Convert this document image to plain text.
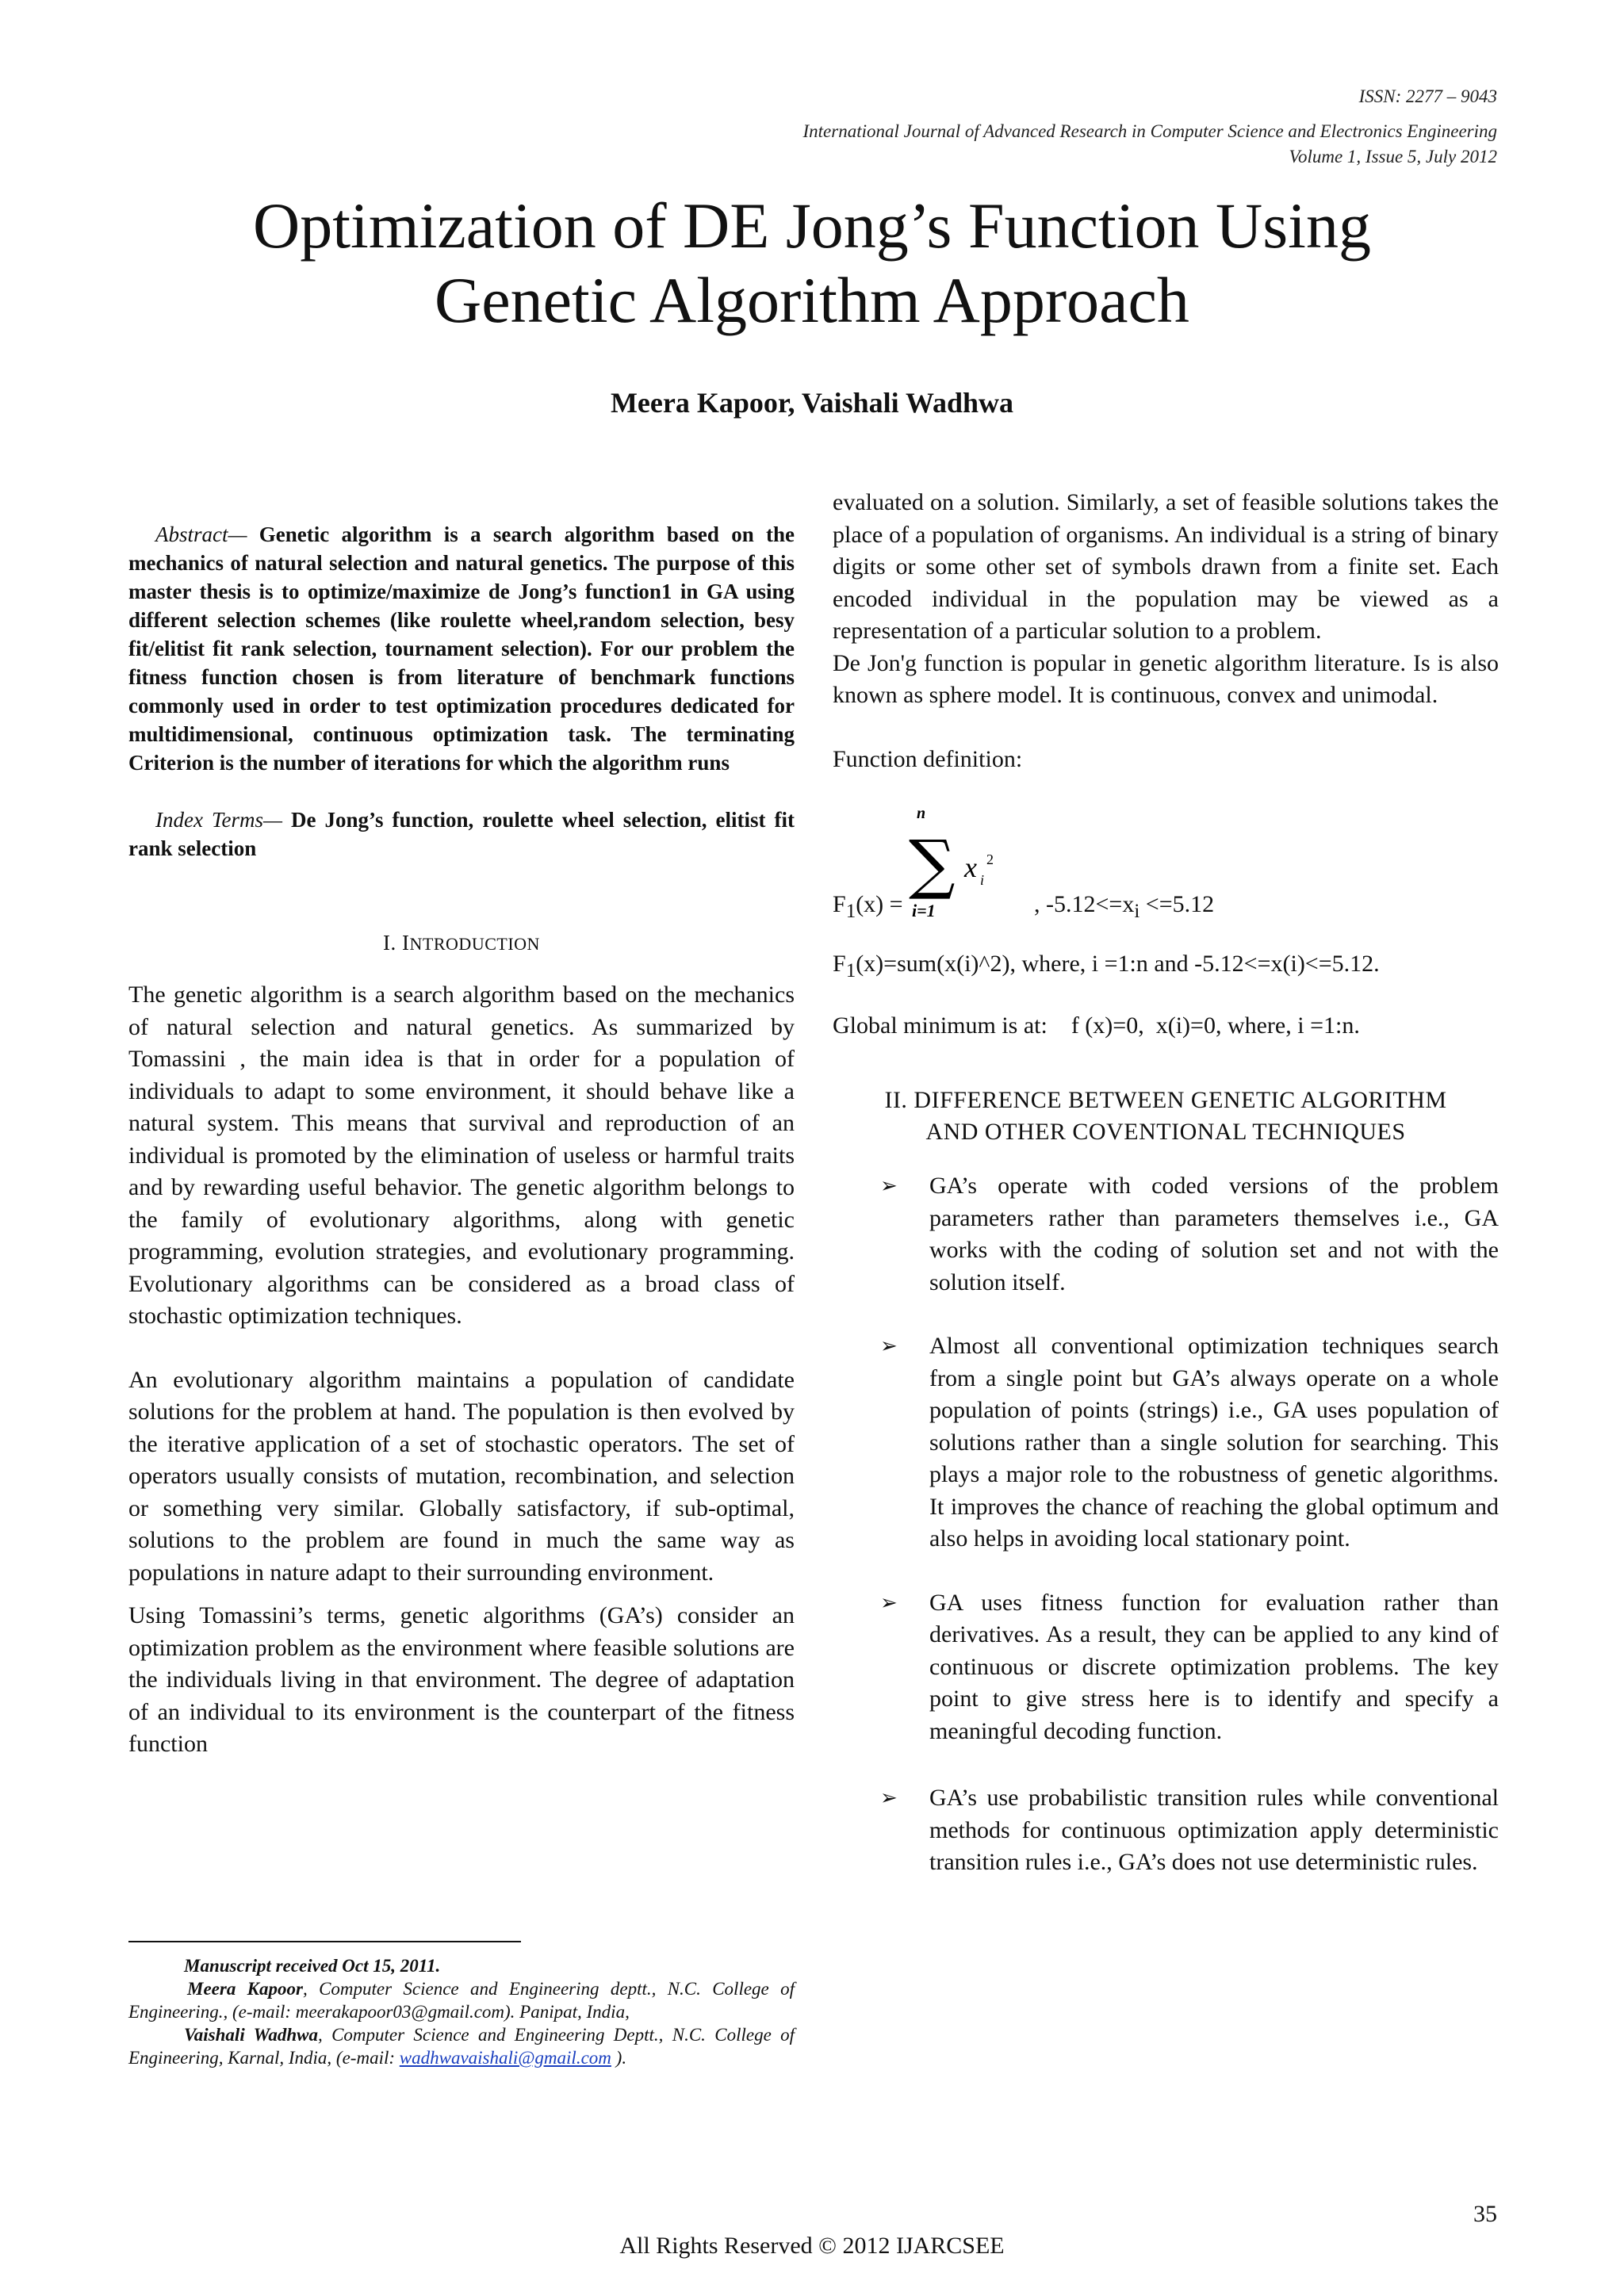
ISSN: 2277 – 9043
International Journal of Advanced Research in Computer Science and Electronics Engineering
Volume 1, Issue 5, July 2012
Optimization of DE Jong’s Function Using
Genetic Algorithm Approach
Meera Kapoor, Vaishali Wadhwa

Abstract— Genetic algorithm is a search algorithm based on the mechanics of natural selection and natural genetics. The purpose of this master thesis is to optimize/maximize de Jong’s function1 in GA using different selection schemes (like roulette wheel,random selection, besy fit/elitist fit rank selection, tournament selection). For our problem the fitness function chosen is from literature of benchmark functions commonly used in order to test optimization procedures dedicated for multidimensional, continuous optimization task. The terminating Criterion is the number of iterations for which the algorithm runs

Index Terms— De Jong’s function, roulette wheel selection, elitist fit rank selection

I. INTRODUCTION

The genetic algorithm is a search algorithm based on the mechanics of natural selection and natural genetics. As summarized by Tomassini , the main idea is that in order for a population of individuals to adapt to some environment, it should behave like a natural system. This means that survival and reproduction of an individual is promoted by the elimination of useless or harmful traits and by rewarding useful behavior. The genetic algorithm belongs to the family of evolutionary algorithms, along with genetic programming, evolution strategies, and evolutionary programming. Evolutionary algorithms can be considered as a broad class of stochastic optimization techniques.

An evolutionary algorithm maintains a population of candidate solutions for the problem at hand. The population is then evolved by the iterative application of a set of stochastic operators. The set of operators usually consists of mutation, recombination, and selection or something very similar. Globally satisfactory, if sub-optimal, solutions to the problem are found in much the same way as populations in nature adapt to their surrounding environment.

Using Tomassini’s terms, genetic algorithms (GA’s) consider an optimization problem as the environment where feasible solutions are the individuals living in that environment. The degree of adaptation of an individual to its environment is the counterpart of the fitness function

evaluated on a solution. Similarly, a set of feasible solutions takes the place of a population of organisms. An individual is a string of binary digits or some other set of symbols drawn from a finite set. Each encoded individual in the population may be viewed as a representation of a particular solution to a problem.

De Jon'g function is popular in genetic algorithm literature. Is is also known as sphere model. It is continuous, convex and unimodal.

Function definition:

$F_1(x)$ =
n
∑
i=1
x i
2
, $-5.12<=x_i <=5.12$

$F_1(x)=sum(x(i)\^{}2)$, where, i =1:n and -5.12<=x(i)<=5.12.

Global minimum is at:    f (x)=0,  x(i)=0, where, i =1:n.

II. DIFFERENCE BETWEEN GENETIC ALGORITHM
AND OTHER COVENTIONAL TECHNIQUES
➢ GA’s operate with coded versions of the problem parameters rather than parameters themselves i.e., GA works with the coding of solution set and not with the solution itself.
➢ Almost all conventional optimization techniques search from a single point but GA’s always operate on a whole population of points (strings) i.e., GA uses population of solutions rather than a single solution for searching. This plays a major role to the robustness of genetic algorithms. It improves the chance of reaching the global optimum and also helps in avoiding local stationary point.
➢ GA uses fitness function for evaluation rather than derivatives. As a result, they can be applied to any kind of continuous or discrete optimization problems. The key point to give stress here is to identify and specify a meaningful decoding function.
➢ GA’s use probabilistic transition rules while conventional methods for continuous optimization apply deterministic transition rules i.e., GA’s does not use deterministic rules.

Manuscript received Oct 15, 2011.

Meera Kapoor, Computer Science and Engineering deptt., N.C. College of Engineering., (e-mail: meerakapoor03@gmail.com). Panipat, India,

Vaishali Wadhwa, Computer Science and Engineering Deptt., N.C. College of Engineering, Karnal, India, (e-mail: wadhwavaishali@gmail.com ).

35
All Rights Reserved © 2012 IJARCSEE
